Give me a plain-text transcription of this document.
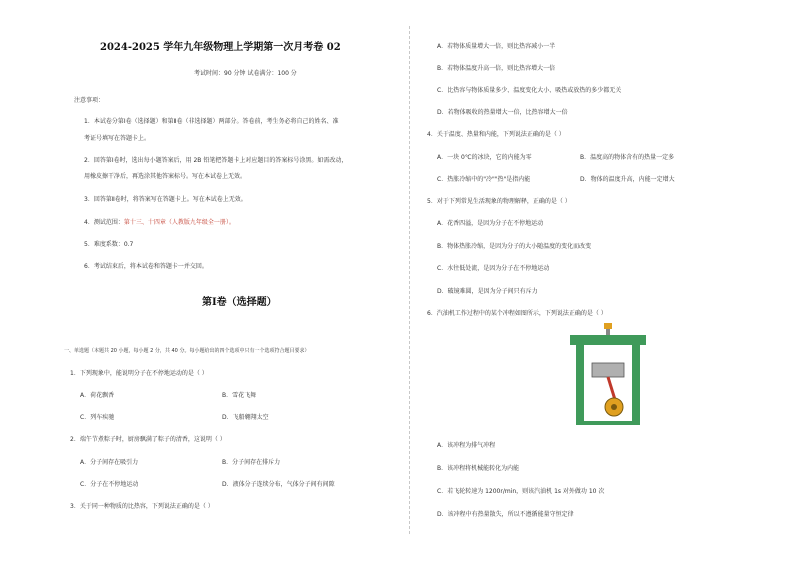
2024-2025 学年九年级物理上学期第一次月考卷 02
考试时间：90 分钟 试卷满分：100 分
注意事项：
1．本试卷分第Ⅰ卷（选择题）和第Ⅱ卷（非选择题）两部分。答卷前，考生务必将自己的姓名、准
考证号填写在答题卡上。
2．回答第Ⅰ卷时，选出每小题答案后，用 2B 铅笔把答题卡上对应题目的答案标号涂黑。如需改动，
用橡皮擦干净后，再选涂其他答案标号。写在本试卷上无效。
3．回答第Ⅱ卷时，将答案写在答题卡上。写在本试卷上无效。
4．测试范围：第十三、十四章（人教版九年级全一册）。
5．难度系数：0.7
6．考试结束后，将本试卷和答题卡一并交回。
第Ⅰ卷（选择题）
一、单选题（本题共 20 小题，每小题 2 分，共 40 分。每小题给出的四个选项中只有一个选项符合题目要求）
1．下列现象中，能说明分子在不停地运动的是（ ）
A．荷花飘香	B．雪花飞舞
C．列车疾驰	D．飞船翱翔太空
2．端午节煮粽子时，厨房飘满了粽子的清香，这说明（ ）
A．分子间存在吸引力	B．分子间存在排斥力
C．分子在不停地运动	D．液体分子连续分布，气体分子间有间隙
3．关于同一种物质的比热容，下列说法正确的是（ ）
A．若物体质量增大一倍，则比热容减小一半
B．若物体温度升高一倍，则比热容增大一倍
C．比热容与物体质量多少、温度变化大小、吸热或放热的多少都无关
D．若物体吸收的热量增大一倍，比热容增大一倍
4．关于温度、热量和内能，下列说法正确的是（ ）
A．一块 0℃的冰块，它的内能为零	B．温度高的物体含有的热量一定多
C．热胀冷缩中的"冷""热"是指内能	D．物体的温度升高，内能一定增大
5．对于下列常见生活现象的物理解释，正确的是（ ）
A．花香四溢，是因为分子在不停地运动
B．物体热胀冷缩，是因为分子的大小随温度的变化而改变
C．水往低处流，是因为分子在不停地运动
D．破镜难圆，是因为分子间只有斥力
6．汽油机工作过程中的某个冲程如图所示，下列说法正确的是（ ）
A．该冲程为排气冲程
B．该冲程将机械能转化为内能
C．若飞轮转速为 1200r/min，则该汽油机 1s 对外做功 10 次
D．该冲程中有热量散失，所以不遵循能量守恒定律
